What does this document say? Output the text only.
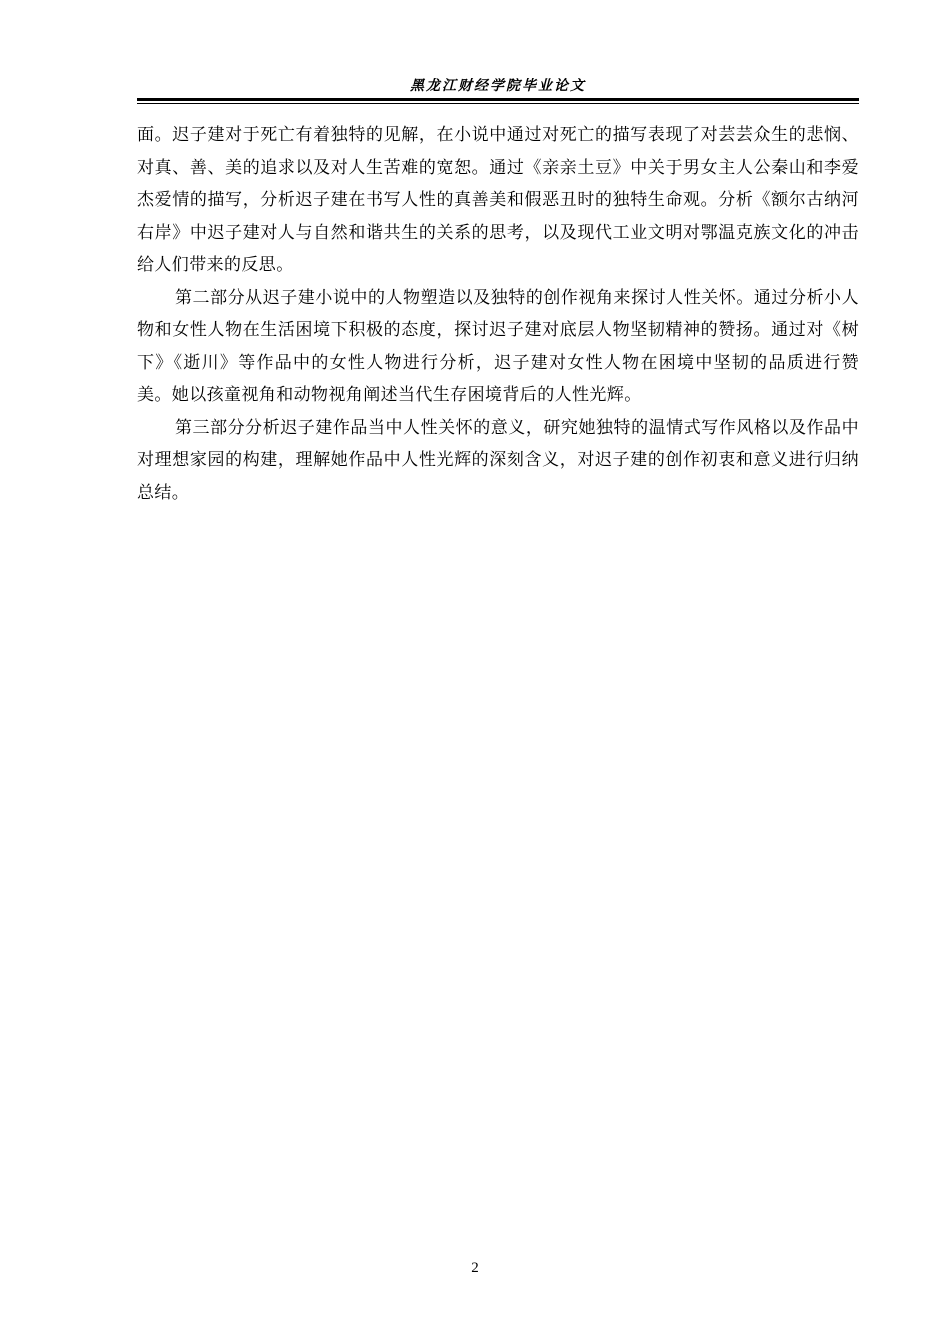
黑龙江财经学院毕业论文

面。迟子建对于死亡有着独特的见解，在小说中通过对死亡的描写表现了对芸芸众生的悲悯、对真、善、美的追求以及对人生苦难的宽恕。通过《亲亲土豆》中关于男女主人公秦山和李爱杰爱情的描写，分析迟子建在书写人性的真善美和假恶丑时的独特生命观。分析《额尔古纳河右岸》中迟子建对人与自然和谐共生的关系的思考，以及现代工业文明对鄂温克族文化的冲击给人们带来的反思。

第二部分从迟子建小说中的人物塑造以及独特的创作视角来探讨人性关怀。通过分析小人物和女性人物在生活困境下积极的态度，探讨迟子建对底层人物坚韧精神的赞扬。通过对《树下》《逝川》等作品中的女性人物进行分析，迟子建对女性人物在困境中坚韧的品质进行赞美。她以孩童视角和动物视角阐述当代生存困境背后的人性光辉。

第三部分分析迟子建作品当中人性关怀的意义，研究她独特的温情式写作风格以及作品中对理想家园的构建，理解她作品中人性光辉的深刻含义，对迟子建的创作初衷和意义进行归纳总结。

2
